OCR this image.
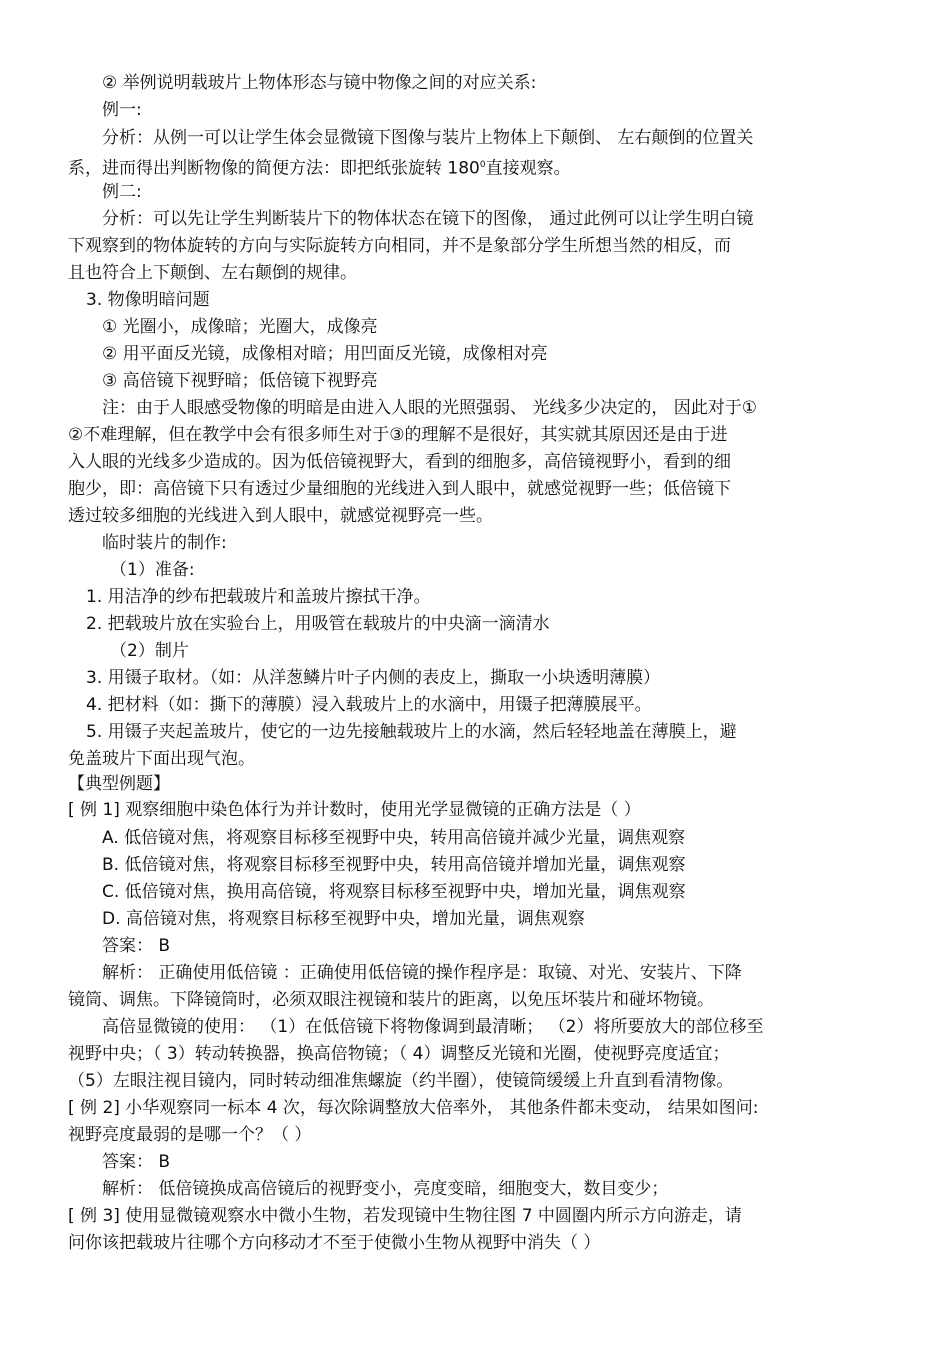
② 举例说明载玻片上物体形态与镜中物像之间的对应关系:
例一:
分析：从例一可以让学生体会显微镜下图像与装片上物体上下颠倒、 左右颠倒的位置关
系，进而得出判断物像的简便方法：即把纸张旋转 $180^0$直接观察。
例二:
分析：可以先让学生判断装片下的物体状态在镜下的图像， 通过此例可以让学生明白镜
下观察到的物体旋转的方向与实际旋转方向相同，并不是象部分学生所想当然的相反，而
且也符合上下颠倒、左右颠倒的规律。
3. 物像明暗问题
① 光圈小，成像暗；光圈大，成像亮
② 用平面反光镜，成像相对暗；用凹面反光镜，成像相对亮
③ 高倍镜下视野暗；低倍镜下视野亮
注：由于人眼感受物像的明暗是由进入人眼的光照强弱、 光线多少决定的， 因此对于①
②不难理解，但在教学中会有很多师生对于③的理解不是很好，其实就其原因还是由于进
入人眼的光线多少造成的。因为低倍镜视野大，看到的细胞多，高倍镜视野小，看到的细
胞少，即：高倍镜下只有透过少量细胞的光线进入到人眼中，就感觉视野一些；低倍镜下
透过较多细胞的光线进入到人眼中，就感觉视野亮一些。
临时装片的制作:
（1）准备:
1. 用洁净的纱布把载玻片和盖玻片擦拭干净。
2. 把载玻片放在实验台上，用吸管在载玻片的中央滴一滴清水
（2）制片
3. 用镊子取材。（如：从洋葱鳞片叶子内侧的表皮上，撕取一小块透明薄膜）
4. 把材料（如：撕下的薄膜）浸入载玻片上的水滴中，用镊子把薄膜展平。
5. 用镊子夹起盖玻片，使它的一边先接触载玻片上的水滴，然后轻轻地盖在薄膜上，避
免盖玻片下面出现气泡。
【典型例题】
[ 例 1] 观察细胞中染色体行为并计数时，使用光学显微镜的正确方法是（ ）
A. 低倍镜对焦，将观察目标移至视野中央，转用高倍镜并减少光量，调焦观察
B. 低倍镜对焦，将观察目标移至视野中央，转用高倍镜并增加光量，调焦观察
C. 低倍镜对焦，换用高倍镜，将观察目标移至视野中央，增加光量，调焦观察
D. 高倍镜对焦，将观察目标移至视野中央，增加光量，调焦观察
答案： B
解析： 正确使用低倍镜 ：正确使用低倍镜的操作程序是：取镜、对光、安装片、下降
镜筒、调焦。下降镜筒时，必须双眼注视镜和装片的距离，以免压坏装片和碰坏物镜。
高倍显微镜的使用： （1）在低倍镜下将物像调到最清晰； （2）将所要放大的部位移至
视野中央；（ 3）转动转换器，换高倍物镜；（ 4）调整反光镜和光圈，使视野亮度适宜；
（5）左眼注视目镜内，同时转动细准焦螺旋（约半圈），使镜筒缓缓上升直到看清物像。
[ 例 2] 小华观察同一标本 4 次，每次除调整放大倍率外， 其他条件都未变动， 结果如图问:
视野亮度最弱的是哪一个？（ ）
答案： B
解析： 低倍镜换成高倍镜后的视野变小，亮度变暗，细胞变大，数目变少；
[ 例 3] 使用显微镜观察水中微小生物，若发现镜中生物往图 7 中圆圈内所示方向游走，请
问你该把载玻片往哪个方向移动才不至于使微小生物从视野中消失（ ）
